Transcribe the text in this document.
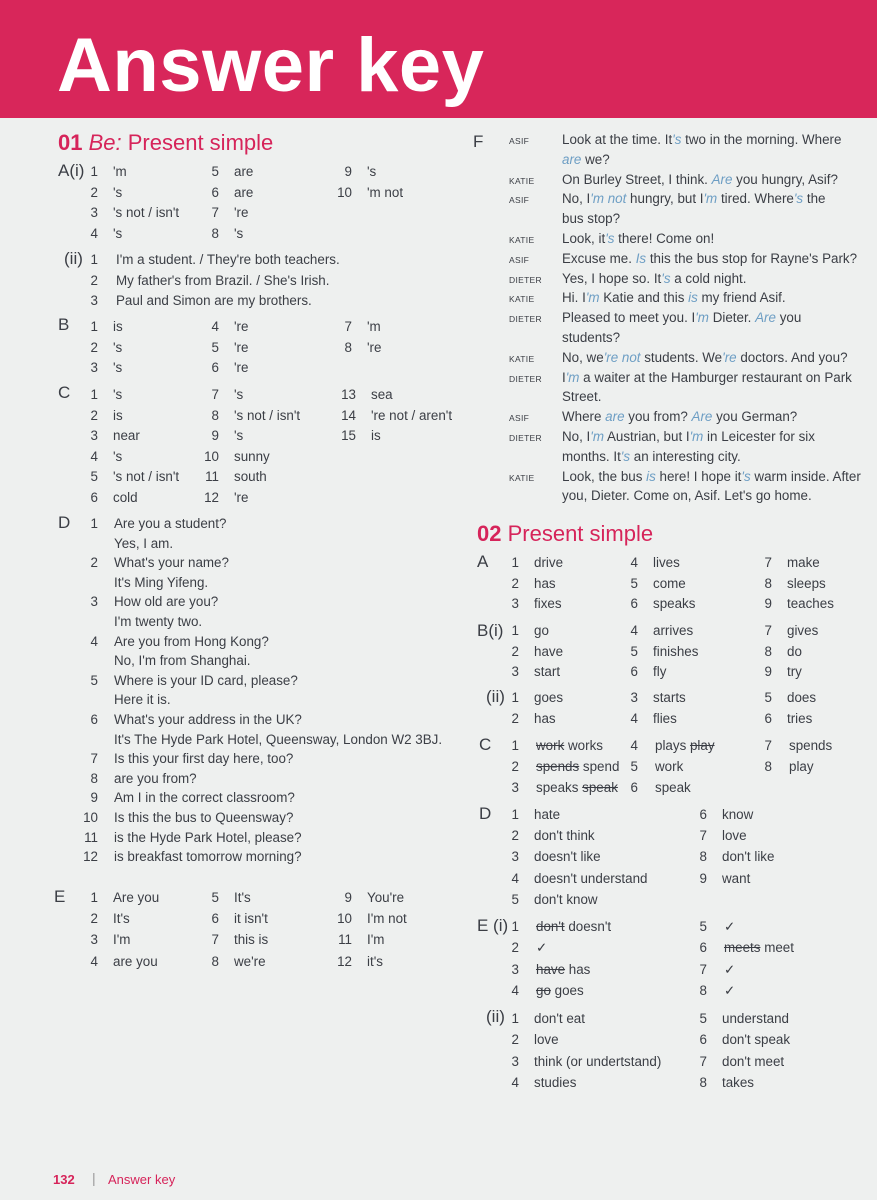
Answer key
01 Be: Present simple
A(i) 1 'm	5 are	9 's
2 's	6 are	10 'm not
3 's not / isn't	7 're
4 's	8 's
(ii) 1 I'm a student. / They're both teachers.
2 My father's from Brazil. / She's Irish.
3 Paul and Simon are my brothers.
B	1 is	4 're	7 'm
2 's	5 're	8 're
3 's	6 're
C	1 's	7 's	13 sea
2 is	8 's not / isn't	14 're not / aren't
3 near	9 's	15 is
4 's	10 sunny
5 's not / isn't 11 south
6 cold	12 're
D	1 Are you a student?
Yes, I am.
2 What's your name?
It's Ming Yifeng.
3 How old are you?
I'm twenty two.
4 Are you from Hong Kong?
No, I'm from Shanghai.
5 Where is your ID card, please?
Here it is.
6 What's your address in the UK?
It's The Hyde Park Hotel, Queensway, London W2 3BJ.
7 Is this your first day here, too?
8 are you from?
9 Am I in the correct classroom?
10 Is this the bus to Queensway?
11 is the Hyde Park Hotel, please?
12 is breakfast tomorrow morning?
E	1 Are you	5 It's	9 You're
2 It's	6 it isn't	10 I'm not
3 I'm	7 this is	11 I'm
4 are you	8 we're	12 it's
F	ASIF Look at the time. It's two in the morning. Where
are we?
KATIE On Burley Street, I think. Are you hungry, Asif?
ASIF No, I'm not hungry, but I'm tired. Where's the
bus stop?
KATIE Look, it's there! Come on!
ASIF Excuse me. Is this the bus stop for Rayne's Park?
DIETER Yes, I hope so. It's a cold night.
KATIE Hi. I'm Katie and this is my friend Asif.
DIETER Pleased to meet you. I'm Dieter. Are you
students?
KATIE No, we're not students. We're doctors. And you?
DIETER I'm a waiter at the Hamburger restaurant on Park
Street.
ASIF Where are you from? Are you German?
DIETER No, I'm Austrian, but I'm in Leicester for six
months. It's an interesting city.
KATIE Look, the bus is here! I hope it's warm inside. After
you, Dieter. Come on, Asif. Let's go home.
02 Present simple
A	1 drive	4 lives	7 make
2 has	5 come	8 sleeps
3 fixes	6 speaks	9 teaches
B(i) 1 go	4 arrives	7 gives
2 have	5 finishes	8 do
3 start	6 fly	9 try
(ii) 1 goes	3 starts	5 does
2 has	4 flies	6 tries
C	1 work works	4 plays play	7 spends
2 spends spend 5 work	8 play
3 speaks speak 6 speak
D	1 hate	6 know
2 don't think	7 love
3 doesn't like	8 don't like
4 doesn't understand	9 want
5 don't know
E (i) 1 don't doesn't	5 ✓
2 ✓	6 meets meet
3 have has	7 ✓
4 go goes	8 ✓
(ii) 1 don't eat	5 understand
2 love	6 don't speak
3 think (or undertstand)	7 don't meet
4 studies	8 takes
132 | Answer key
